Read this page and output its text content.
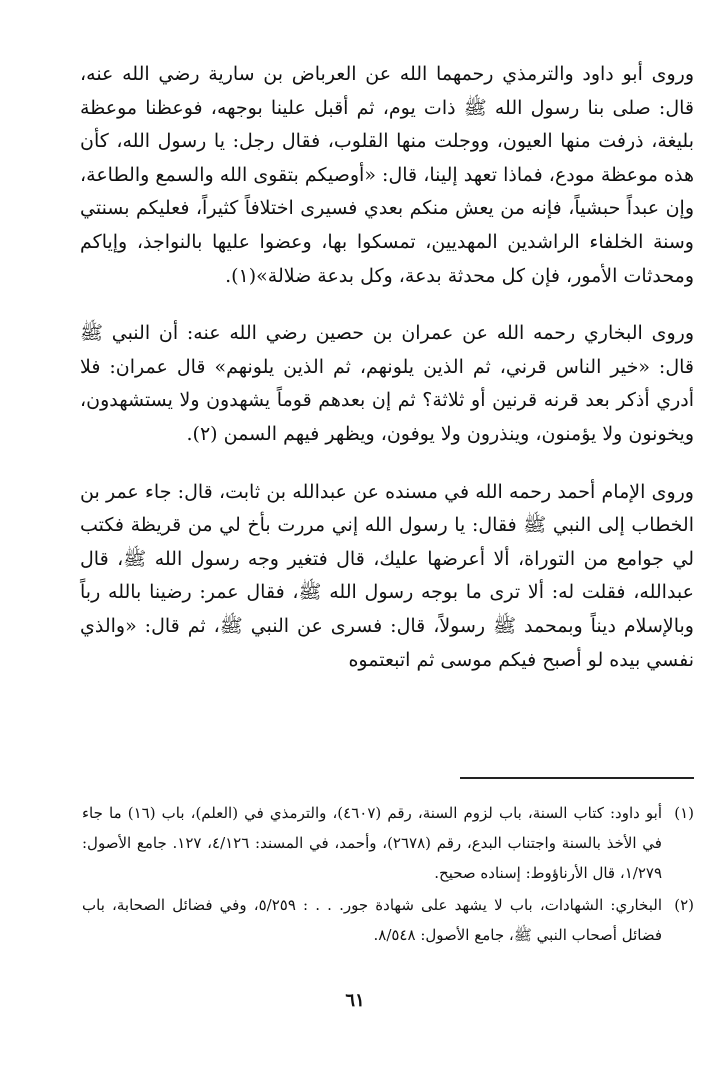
وروى أبو داود والترمذي رحمهما الله عن العرباض بن سارية رضي الله عنه، قال: صلى بنا رسول الله ﷺ ذات يوم، ثم أقبل علينا بوجهه، فوعظنا موعظة بليغة، ذرفت منها العيون، ووجلت منها القلوب، فقال رجل: يا رسول الله، كأن هذه موعظة مودع، فماذا تعهد إلينا، قال: «أوصيكم بتقوى الله والسمع والطاعة، وإن عبداً حبشياً، فإنه من يعش منكم بعدي فسيرى اختلافاً كثيراً، فعليكم بسنتي وسنة الخلفاء الراشدين المهديين، تمسكوا بها، وعضوا عليها بالنواجذ، وإياكم ومحدثات الأمور، فإن كل محدثة بدعة، وكل بدعة ضلالة»(١).

وروى البخاري رحمه الله عن عمران بن حصين رضي الله عنه: أن النبي ﷺ قال: «خير الناس قرني، ثم الذين يلونهم، ثم الذين يلونهم» قال عمران: فلا أدري أذكر بعد قرنه قرنين أو ثلاثة؟ ثم إن بعدهم قوماً يشهدون ولا يستشهدون، ويخونون ولا يؤمنون، وينذرون ولا يوفون، ويظهر فيهم السمن (٢).

وروى الإمام أحمد رحمه الله في مسنده عن عبدالله بن ثابت، قال: جاء عمر بن الخطاب إلى النبي ﷺ فقال: يا رسول الله إني مررت بأخ لي من قريظة فكتب لي جوامع من التوراة، ألا أعرضها عليك، قال فتغير وجه رسول الله ﷺ، قال عبدالله، فقلت له: ألا ترى ما بوجه رسول الله ﷺ، فقال عمر: رضينا بالله رباً وبالإسلام ديناً وبمحمد ﷺ رسولاً، قال: فسرى عن النبي ﷺ، ثم قال: «والذي نفسي بيده لو أصبح فيكم موسى ثم اتبعتموه

(١)
أبو داود: كتاب السنة، باب لزوم السنة، رقم (٤٦٠٧)، والترمذي في (العلم)، باب (١٦) ما جاء في الأخذ بالسنة واجتناب البدع، رقم (٢٦٧٨)، وأحمد، في المسند: ٤/١٢٦، ١٢٧. جامع الأصول: ١/٢٧٩، قال الأرناؤوط: إسناده صحيح.

(٢)
البخاري: الشهادات، باب لا يشهد على شهادة جور. . . : ٥/٢٥٩، وفي فضائل الصحابة، باب فضائل أصحاب النبي ﷺ، جامع الأصول: ٨/٥٤٨.

٦١
